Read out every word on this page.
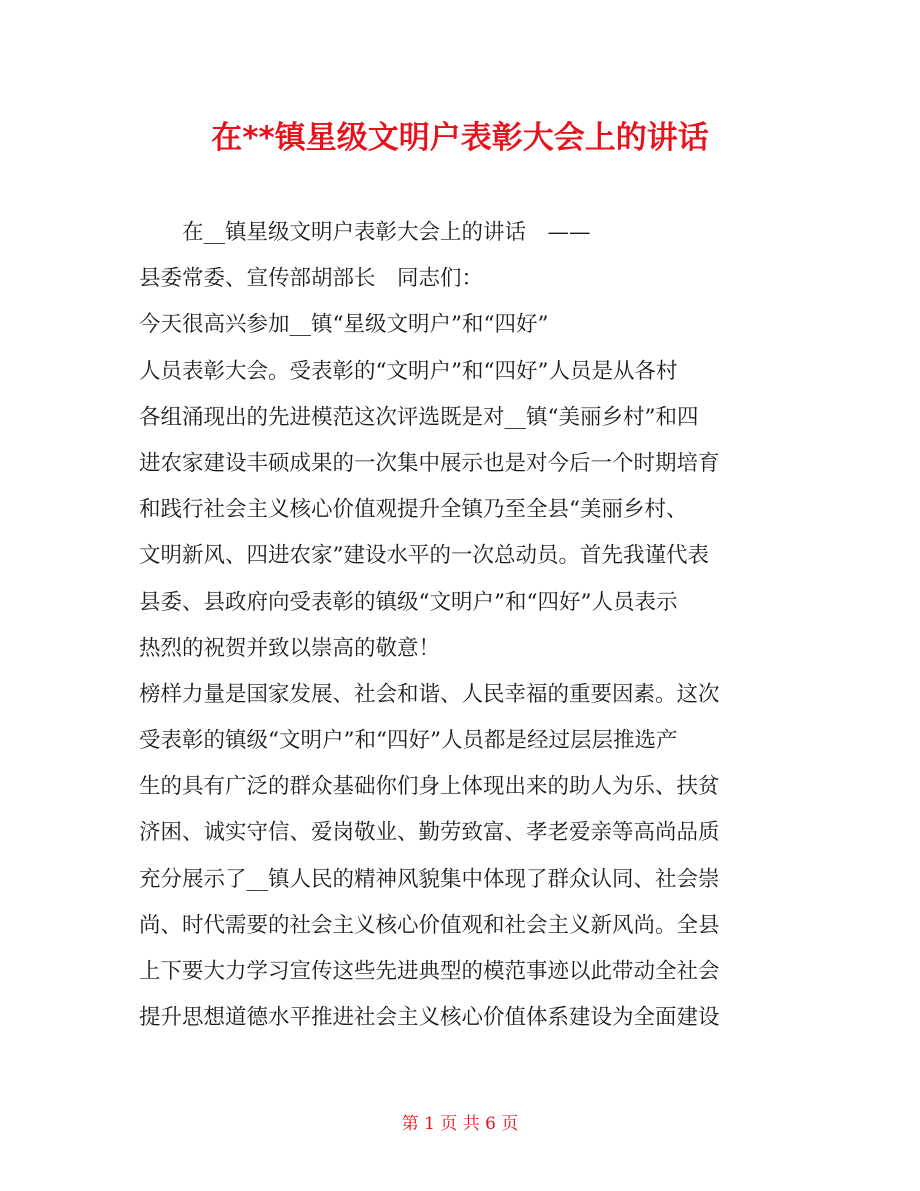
在**镇星级文明户表彰大会上的讲话
　　在__镇星级文明户表彰大会上的讲话　——
县委常委、宣传部胡部长　同志们：
今天很高兴参加__镇“星级文明户”和“四好”
人员表彰大会。受表彰的“文明户”和“四好”人员是从各村
各组涌现出的先进模范这次评选既是对__镇“美丽乡村”和四
进农家建设丰硕成果的一次集中展示也是对今后一个时期培育
和践行社会主义核心价值观提升全镇乃至全县“美丽乡村、
文明新风、四进农家”建设水平的一次总动员。首先我谨代表
县委、县政府向受表彰的镇级“文明户”和“四好”人员表示
热烈的祝贺并致以崇高的敬意！
榜样力量是国家发展、社会和谐、人民幸福的重要因素。这次
受表彰的镇级“文明户”和“四好”人员都是经过层层推选产
生的具有广泛的群众基础你们身上体现出来的助人为乐、扶贫
济困、诚实守信、爱岗敬业、勤劳致富、孝老爱亲等高尚品质
充分展示了__镇人民的精神风貌集中体现了群众认同、社会崇
尚、时代需要的社会主义核心价值观和社会主义新风尚。全县
上下要大力学习宣传这些先进典型的模范事迹以此带动全社会
提升思想道德水平推进社会主义核心价值体系建设为全面建设
第 1 页 共 6 页
